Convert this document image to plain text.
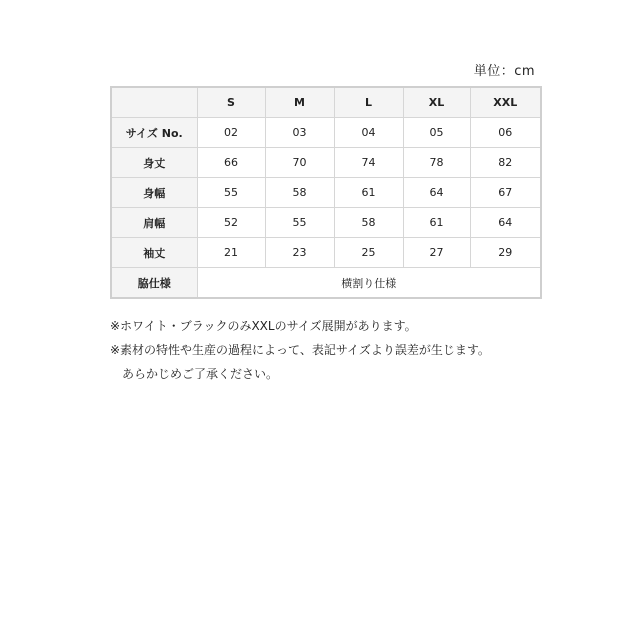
単位：cm
	S	M	L	XL	XXL
サイズ No.	02	03	04	05	06
身丈	66	70	74	78	82
身幅	55	58	61	64	67
肩幅	52	55	58	61	64
袖丈	21	23	25	27	29
脇仕様	横割り仕様				
※ホワイト・ブラックのみXXLのサイズ展開があります。
※素材の特性や生産の過程によって、表記サイズより誤差が生じます。
あらかじめご了承ください。
